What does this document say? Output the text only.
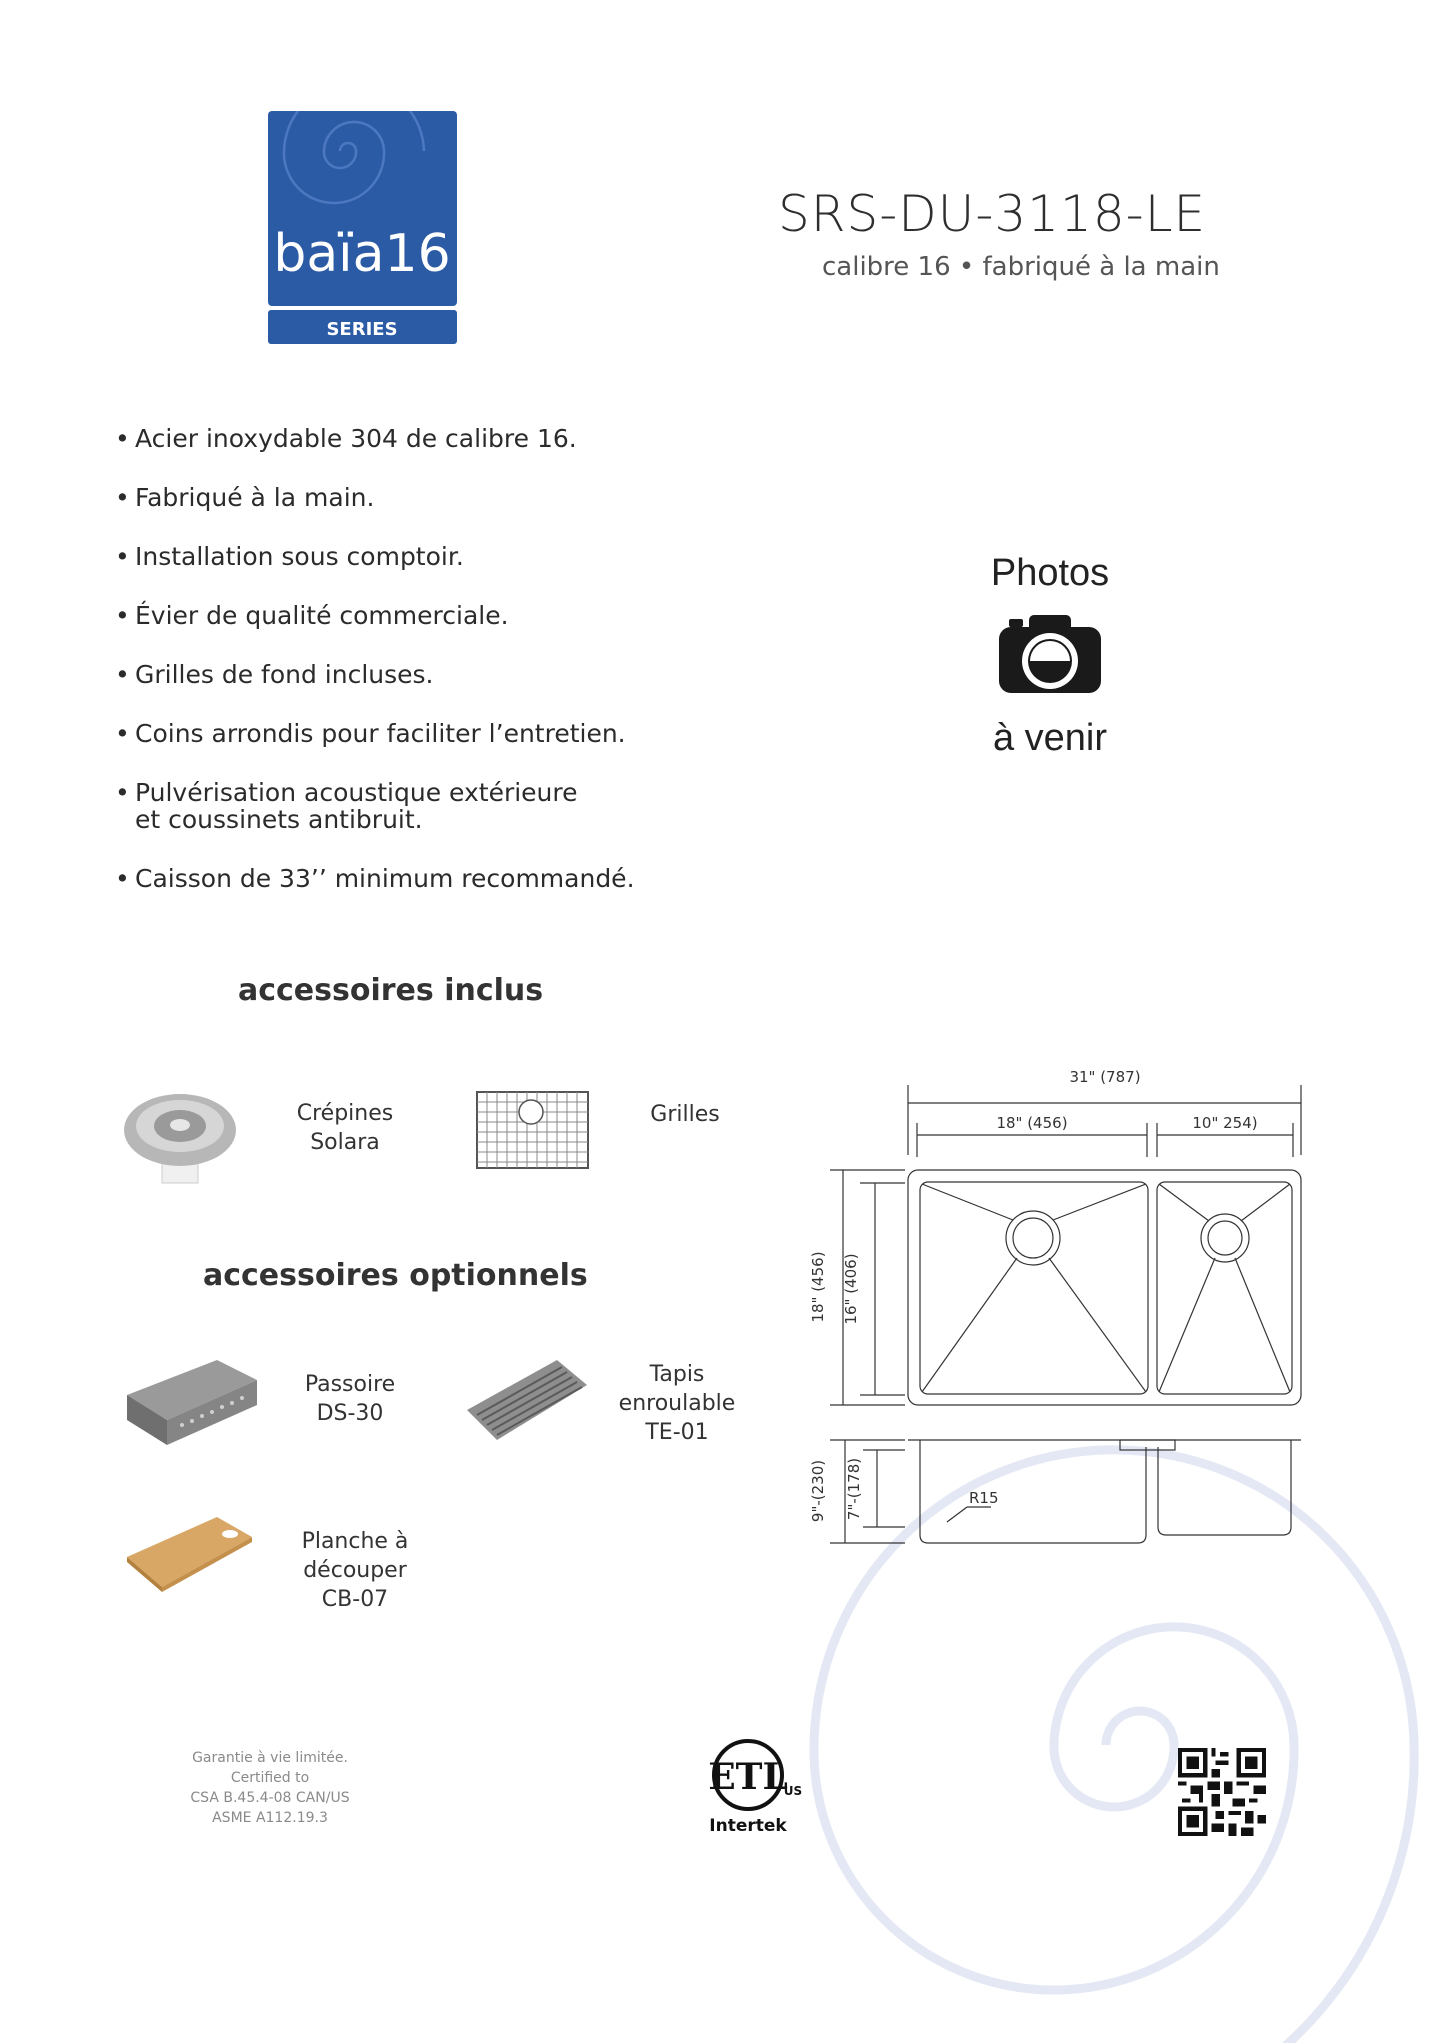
baïa16
SERIES
SRS-DU-3118-LE
calibre 16 • fabriqué à la main
• Acier inoxydable 304 de calibre 16.
• Fabriqué à la main.
• Installation sous comptoir.
• Évier de qualité commerciale.
• Grilles de fond incluses.
• Coins arrondis pour faciliter l’entretien.
• Pulvérisation acoustique extérieure et coussinets antibruit.
• Caisson de 33’’ minimum recommandé.
Photos
à venir
accessoires inclus
Crépines
Solara
Grilles
accessoires optionnels
Passoire
DS-30
Tapis
enroulable
TE-01
Planche à
découper
CB-07
31" (787)
18" (456)	10" 254)
18" (456) 16" (406)
9"-(230) 7"-(178)	R15
Garantie à vie limitée.
Certified to
CSA B.45.4-08 CAN/US
ASME A112.19.3
ETL
US
Intertek
